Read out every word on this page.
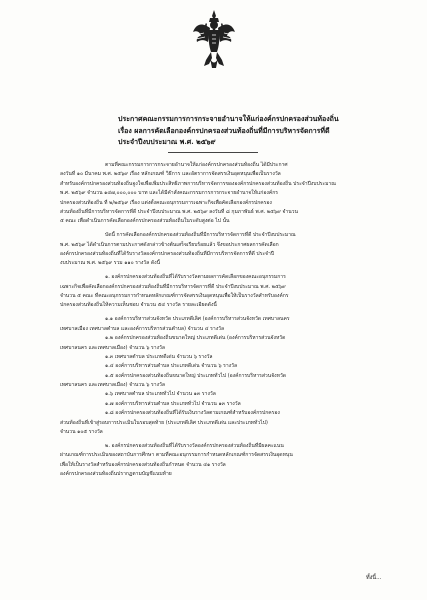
ประกาศคณะกรรมการการกระจายอำนาจให้แก่องค์กรปกครองส่วนท้องถิ่น
เรื่อง ผลการคัดเลือกองค์กรปกครองส่วนท้องถิ่นที่มีการบริหารจัดการที่ดี
ประจำปีงบประมาณ พ.ศ. ๒๕๖๙
ตามที่คณะกรรมการการกระจายอำนาจให้แก่องค์กรปกครองส่วนท้องถิ่น ได้มีประกาศ
ลงวันที่ ๑๐ มีนาคม พ.ศ. ๒๕๖๙ เรื่อง หลักเกณฑ์ วิธีการ และอัตราการจัดสรรเงินอุดหนุนเพื่อเป็นรางวัล
สำหรับองค์กรปกครองส่วนท้องถิ่นจูงใจเพื่อเพิ่มประสิทธิภาพการบริหารจัดการขององค์กรปกครองส่วนท้องถิ่น ประจำปีงบประมาณ
พ.ศ. ๒๕๖๙ จำนวน ๑๔๗,๐๐๐,๐๐๐ บาท และได้มีคำสั่งคณะกรรมการการกระจายอำนาจให้แก่องค์กร
ปกครองส่วนท้องถิ่น ที่ ๒/๒๕๖๙ เรื่อง แต่งตั้งคณะอนุกรรมการเฉพาะกิจเพื่อคัดเลือกองค์กรปกครอง
ส่วนท้องถิ่นที่มีการบริหารจัดการที่ดี ประจำปีงบประมาณ พ.ศ. ๒๕๖๙ ลงวันที่ ๘ กุมภาพันธ์ พ.ศ. ๒๕๖๙ จำนวน
๕ คณะ เพื่อดำเนินการคัดเลือกองค์กรปกครองส่วนท้องถิ่นในระดับสูงต่อ ไป นั้น
บัดนี้ การคัดเลือกองค์กรปกครองส่วนท้องถิ่นที่มีการบริหารจัดการที่ดี ประจำปีงบประมาณ
พ.ศ. ๒๕๖๙ ได้ดำเนินการตามประกาศดังกล่าวข้างต้นเสร็จเรียบร้อยแล้ว จึงขอประกาศผลการคัดเลือก
องค์กรปกครองส่วนท้องถิ่นที่ได้รับรางวัลองค์กรปกครองส่วนท้องถิ่นที่มีการบริหารจัดการที่ดี ประจำปี
งบประมาณ พ.ศ. ๒๕๖๙ รวม ๑๑๐ รางวัล ดังนี้
๑. องค์กรปกครองส่วนท้องถิ่นที่ได้รับรางวัลตามผลการคัดเลือกของคณะอนุกรรมการ
เฉพาะกิจเพื่อคัดเลือกองค์กรปกครองส่วนท้องถิ่นที่มีการบริหารจัดการที่ดี ประจำปีงบประมาณ พ.ศ. ๒๕๖๙
จำนวน ๕ คณะ ที่คณะอนุกรรมการกำหนดหลักเกณฑ์การจัดสรรเงินอุดหนุนเพื่อให้เป็นรางวัลสำหรับองค์กร
ปกครองส่วนท้องถิ่นให้ความเห็นชอบ จำนวน ๕๔ รางวัล รายละเอียดดังนี้
๑.๑ องค์การบริหารส่วนจังหวัด ประเภทดีเลิศ (องค์การบริหารส่วนจังหวัด เทศบาลนคร
เทศบาลเมือง เทศบาลตำบล และองค์การบริหารส่วนตำบล) จำนวน ๔ รางวัล
๑.๒ องค์กรปกครองส่วนท้องถิ่นขนาดใหญ่ ประเภทดีเด่น (องค์การบริหารส่วนจังหวัด
เทศบาลนคร และเทศบาลเมือง) จำนวน ๖ รางวัล
๑.๓ เทศบาลตำบล ประเภทดีเด่น จำนวน ๖ รางวัล
๑.๔ องค์การบริหารส่วนตำบล ประเภทดีเด่น จำนวน ๖ รางวัล
๑.๕ องค์กรปกครองส่วนท้องถิ่นขนาดใหญ่ ประเภททั่วไป (องค์การบริหารส่วนจังหวัด
เทศบาลนคร และเทศบาลเมือง) จำนวน ๖ รางวัล
๑.๖ เทศบาลตำบล ประเภททั่วไป จำนวน ๑๓ รางวัล
๑.๗ องค์การบริหารส่วนตำบล ประเภททั่วไป จำนวน ๑๓ รางวัล
๑.๘ องค์กรปกครองส่วนท้องถิ่นที่ได้รับเงินรางวัลตามเกณฑ์สำหรับองค์กรปกครอง
ส่วนท้องถิ่นที่เข้าสู่รอบการประเมินในรอบสุดท้าย (ประเภทดีเลิศ ประเภทดีเด่น และประเภททั่วไป)
จำนวน ๑๐๕ รางวัล
๒. องค์กรปกครองส่วนท้องถิ่นที่ได้รับรางวัลองค์กรปกครองส่วนท้องถิ่นที่มีผลคะแนน
ผ่านเกณฑ์การประเมินของสถาบันการศึกษา ตามที่คณะอนุกรรมการกำหนดหลักเกณฑ์การจัดสรรเงินอุดหนุน
เพื่อให้เป็นรางวัลสำหรับองค์กรปกครองส่วนท้องถิ่นกำหนด จำนวน ๔๑ รางวัล
องค์กรปกครองส่วนท้องถิ่นปรากฏตามบัญชีแนบท้าย
ทั้งนี้...
